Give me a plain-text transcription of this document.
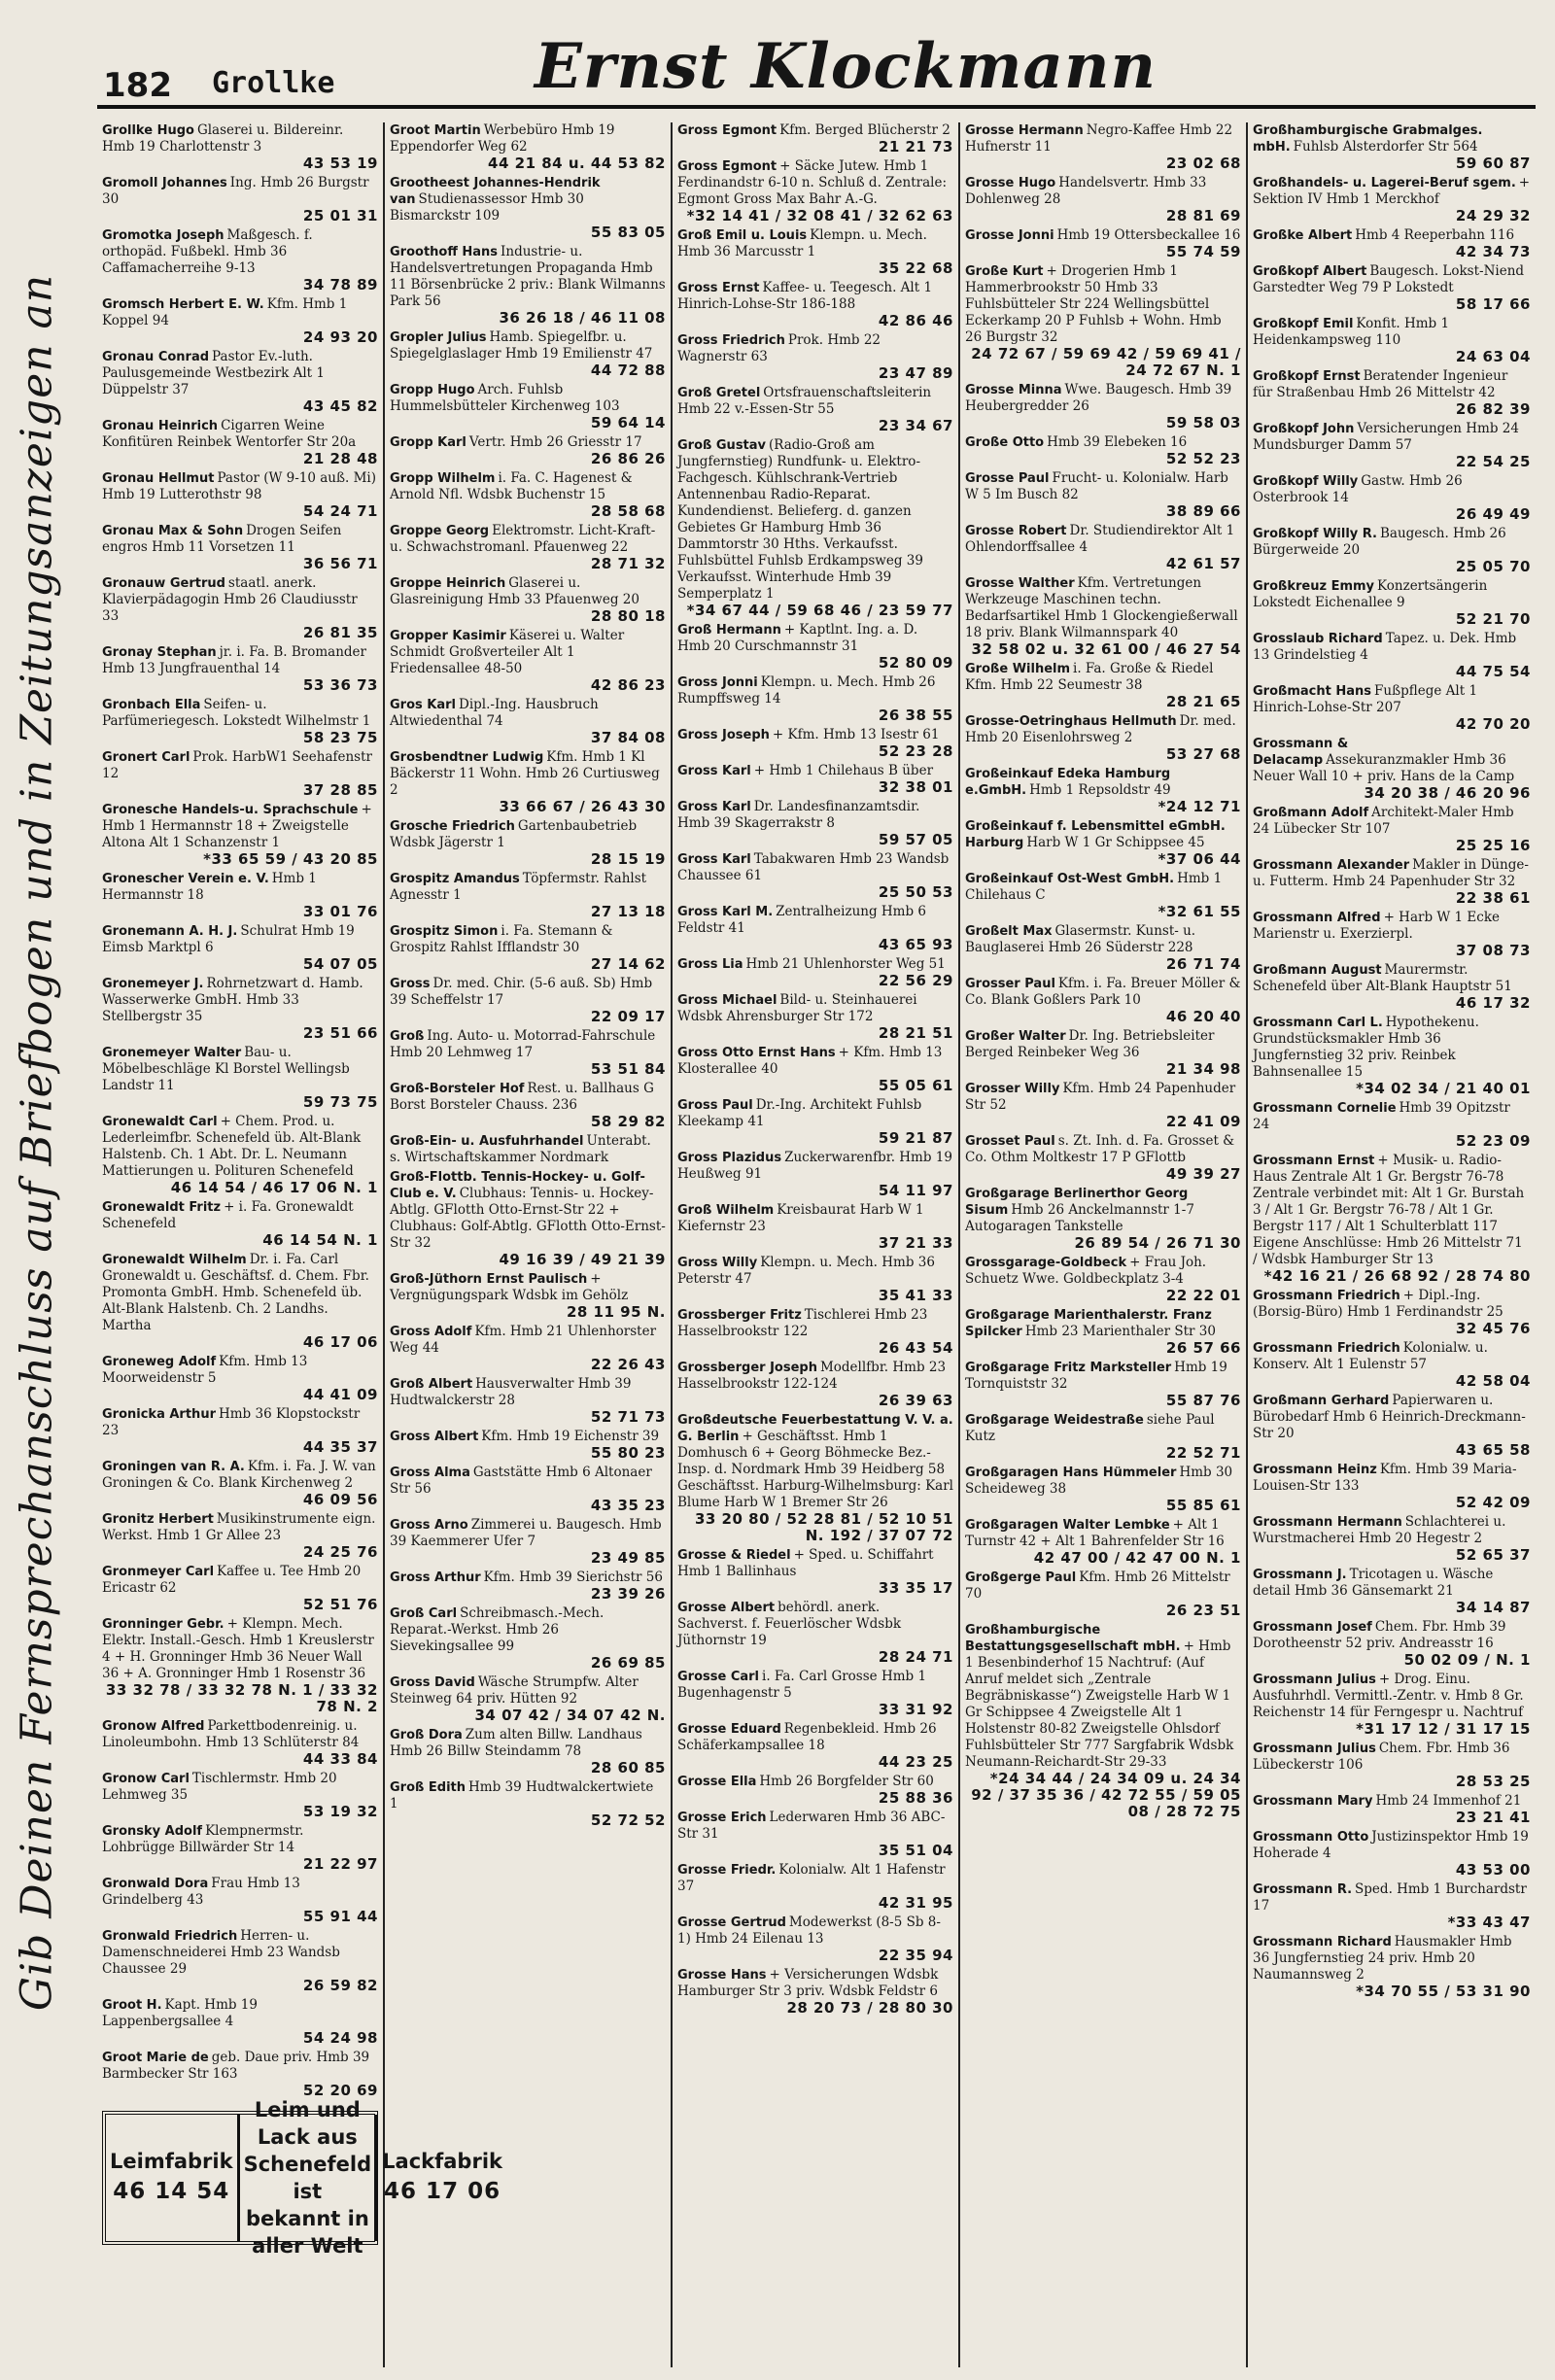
182 Grollke	Ernst Klockmann
Gib Deinen Fernsprechanschluss auf Briefbogen und in Zeitungsanzeigen an
Grollke Hugo Glaserei u. Bildereinr. Hmb 19 Charlottenstr 3
43 53 19
Gromoll Johannes Ing. Hmb 26 Burgstr 30
25 01 31
Gromotka Joseph Maßgesch. f. orthopäd. Fußbekl. Hmb 36 Caffamacherreihe 9-13
34 78 89
Gromsch Herbert E. W. Kfm. Hmb 1 Koppel 94
24 93 20
Gronau Conrad Pastor Ev.-luth. Paulusgemeinde Westbezirk Alt 1 Düppelstr 37
43 45 82
Gronau Heinrich Cigarren Weine Konfitüren Reinbek Wentorfer Str 20a
21 28 48
Gronau Hellmut Pastor (W 9-10 auß. Mi) Hmb 19 Lutterothstr 98
54 24 71
Gronau Max & Sohn Drogen Seifen engros Hmb 11 Vorsetzen 11
36 56 71
Gronauw Gertrud staatl. anerk. Klavierpädagogin Hmb 26 Claudiusstr 33
26 81 35
Gronay Stephan jr. i. Fa. B. Bromander Hmb 13 Jungfrauenthal 14
53 36 73
Gronbach Ella Seifen- u. Parfümeriegesch. Lokstedt Wilhelmstr 1
58 23 75
Gronert Carl Prok. HarbW1 Seehafenstr 12
37 28 85
Gronesche Handels-u. Sprachschule + Hmb 1 Hermannstr 18 + Zweigstelle Altona Alt 1 Schanzenstr 1
*33 65 59 / 43 20 85
Gronescher Verein e. V. Hmb 1 Hermannstr 18
33 01 76
Gronemann A. H. J. Schulrat Hmb 19 Eimsb Marktpl 6
54 07 05
Gronemeyer J. Rohrnetzwart d. Hamb. Wasserwerke GmbH. Hmb 33 Stellbergstr 35
23 51 66
Gronemeyer Walter Bau- u. Möbelbeschläge Kl Borstel Wellingsb Landstr 11
59 73 75
Gronewaldt Carl + Chem. Prod. u. Lederleimfbr. Schenefeld üb. Alt-Blank Halstenb. Ch. 1 Abt. Dr. L. Neumann Mattierungen u. Polituren Schenefeld
46 14 54 / 46 17 06 N. 1
Gronewaldt Fritz + i. Fa. Gronewaldt Schenefeld
46 14 54 N. 1
Gronewaldt Wilhelm Dr. i. Fa. Carl Gronewaldt u. Geschäftsf. d. Chem. Fbr. Promonta GmbH. Hmb. Schenefeld üb. Alt-Blank Halstenb. Ch. 2 Landhs. Martha
46 17 06
Groneweg Adolf Kfm. Hmb 13 Moorweidenstr 5
44 41 09
Gronicka Arthur Hmb 36 Klopstockstr 23
44 35 37
Groningen van R. A. Kfm. i. Fa. J. W. van Groningen & Co. Blank Kirchenweg 2
46 09 56
Gronitz Herbert Musikinstrumente eign. Werkst. Hmb 1 Gr Allee 23
24 25 76
Gronmeyer Carl Kaffee u. Tee Hmb 20 Ericastr 62
52 51 76
Gronninger Gebr. + Klempn. Mech. Elektr. Install.-Gesch. Hmb 1 Kreuslerstr 4 + H. Gronninger Hmb 36 Neuer Wall 36 + A. Gronninger Hmb 1 Rosenstr 36
33 32 78 / 33 32 78 N. 1 / 33 32 78 N. 2
Gronow Alfred Parkettbodenreinig. u. Linoleumbohn. Hmb 13 Schlüterstr 84
44 33 84
Gronow Carl Tischlermstr. Hmb 20 Lehmweg 35
53 19 32
Gronsky Adolf Klempnermstr. Lohbrügge Billwärder Str 14
21 22 97
Gronwald Dora Frau Hmb 13 Grindelberg 43
55 91 44
Gronwald Friedrich Herren- u. Damenschneiderei Hmb 23 Wandsb Chaussee 29
26 59 82
Groot H. Kapt. Hmb 19 Lappenbergsallee 4
54 24 98
Groot Marie de geb. Daue priv. Hmb 39 Barmbecker Str 163
52 20 69
Leimfabrik
46 14 54
Leim und Lack aus Schenefeld
ist bekannt in aller Welt
Lackfabrik
46 17 06
Groot Martin Werbebüro Hmb 19 Eppendorfer Weg 62
44 21 84 u. 44 53 82
Grootheest Johannes-Hendrik van Studienassessor Hmb 30 Bismarckstr 109
55 83 05
Groothoff Hans Industrie- u. Handelsvertretungen Propaganda Hmb 11 Börsenbrücke 2 priv.: Blank Wilmanns Park 56
36 26 18 / 46 11 08
Gropler Julius Hamb. Spiegelfbr. u. Spiegelglaslager Hmb 19 Emilienstr 47
44 72 88
Gropp Hugo Arch. Fuhlsb Hummelsbütteler Kirchenweg 103
59 64 14
Gropp Karl Vertr. Hmb 26 Griesstr 17
26 86 26
Gropp Wilhelm i. Fa. C. Hagenest & Arnold Nfl. Wdsbk Buchenstr 15
28 58 68
Groppe Georg Elektromstr. Licht-Kraft- u. Schwachstromanl. Pfauenweg 22
28 71 32
Groppe Heinrich Glaserei u. Glasreinigung Hmb 33 Pfauenweg 20
28 80 18
Gropper Kasimir Käserei u. Walter Schmidt Großverteiler Alt 1 Friedensallee 48-50
42 86 23
Gros Karl Dipl.-Ing. Hausbruch Altwiedenthal 74
37 84 08
Grosbendtner Ludwig Kfm. Hmb 1 Kl Bäckerstr 11 Wohn. Hmb 26 Curtiusweg 2
33 66 67 / 26 43 30
Grosche Friedrich Gartenbaubetrieb Wdsbk Jägerstr 1
28 15 19
Grospitz Amandus Töpfermstr. Rahlst Agnesstr 1
27 13 18
Grospitz Simon i. Fa. Stemann & Grospitz Rahlst Ifflandstr 30
27 14 62
Gross Dr. med. Chir. (5-6 auß. Sb) Hmb 39 Scheffelstr 17
22 09 17
Groß Ing. Auto- u. Motorrad-Fahrschule Hmb 20 Lehmweg 17
53 51 84
Groß-Borsteler Hof Rest. u. Ballhaus G Borst Borsteler Chauss. 236
58 29 82
Groß-Ein- u. Ausfuhrhandel Unterabt. s. Wirtschaftskammer Nordmark
Groß-Flottb. Tennis-Hockey- u. Golf-Club e. V. Clubhaus: Tennis- u. Hockey-Abtlg. GFlotth Otto-Ernst-Str 22 + Clubhaus: Golf-Abtlg. GFlotth Otto-Ernst-Str 32
49 16 39 / 49 21 39
Groß-Jüthorn Ernst Paulisch + Vergnügungspark Wdsbk im Gehölz
28 11 95 N.
Gross Adolf Kfm. Hmb 21 Uhlenhorster Weg 44
22 26 43
Groß Albert Hausverwalter Hmb 39 Hudtwalckerstr 28
52 71 73
Gross Albert Kfm. Hmb 19 Eichenstr 39
55 80 23
Gross Alma Gaststätte Hmb 6 Altonaer Str 56
43 35 23
Gross Arno Zimmerei u. Baugesch. Hmb 39 Kaemmerer Ufer 7
23 49 85
Gross Arthur Kfm. Hmb 39 Sierichstr 56
23 39 26
Groß Carl Schreibmasch.-Mech. Reparat.-Werkst. Hmb 26 Sievekingsallee 99
26 69 85
Gross David Wäsche Strumpfw. Alter Steinweg 64 priv. Hütten 92
34 07 42 / 34 07 42 N.
Groß Dora Zum alten Billw. Landhaus Hmb 26 Billw Steindamm 78
28 60 85
Groß Edith Hmb 39 Hudtwalckertwiete 1
52 72 52
Gross Egmont Kfm. Berged Blücherstr 2
21 21 73
Gross Egmont + Säcke Jutew. Hmb 1 Ferdinandstr 6-10 n. Schluß d. Zentrale: Egmont Gross Max Bahr A.-G.
*32 14 41 / 32 08 41 / 32 62 63
Groß Emil u. Louis Klempn. u. Mech. Hmb 36 Marcusstr 1
35 22 68
Gross Ernst Kaffee- u. Teegesch. Alt 1 Hinrich-Lohse-Str 186-188
42 86 46
Gross Friedrich Prok. Hmb 22 Wagnerstr 63
23 47 89
Groß Gretel Ortsfrauenschaftsleiterin Hmb 22 v.-Essen-Str 55
23 34 67
Groß Gustav (Radio-Groß am Jungfernstieg) Rundfunk- u. Elektro-Fachgesch. Kühlschrank-Vertrieb Antennenbau Radio-Reparat. Kundendienst. Belieferg. d. ganzen Gebietes Gr Hamburg Hmb 36 Dammtorstr 30 Hths. Verkaufsst. Fuhlsbüttel Fuhlsb Erdkampsweg 39 Verkaufsst. Winterhude Hmb 39 Semperplatz 1
*34 67 44 / 59 68 46 / 23 59 77
Groß Hermann + Kaptlnt. Ing. a. D. Hmb 20 Curschmannstr 31
52 80 09
Gross Jonni Klempn. u. Mech. Hmb 26 Rumpffsweg 14
26 38 55
Gross Joseph + Kfm. Hmb 13 Isestr 61
52 23 28
Gross Karl + Hmb 1 Chilehaus B über
32 38 01
Gross Karl Dr. Landesfinanzamtsdir. Hmb 39 Skagerrakstr 8
59 57 05
Gross Karl Tabakwaren Hmb 23 Wandsb Chaussee 61
25 50 53
Gross Karl M. Zentralheizung Hmb 6 Feldstr 41
43 65 93
Gross Lia Hmb 21 Uhlenhorster Weg 51
22 56 29
Gross Michael Bild- u. Steinhauerei Wdsbk Ahrensburger Str 172
28 21 51
Gross Otto Ernst Hans + Kfm. Hmb 13 Klosterallee 40
55 05 61
Gross Paul Dr.-Ing. Architekt Fuhlsb Kleekamp 41
59 21 87
Gross Plazidus Zuckerwarenfbr. Hmb 19 Heußweg 91
54 11 97
Groß Wilhelm Kreisbaurat Harb W 1 Kiefernstr 23
37 21 33
Gross Willy Klempn. u. Mech. Hmb 36 Peterstr 47
35 41 33
Grossberger Fritz Tischlerei Hmb 23 Hasselbrookstr 122
26 43 54
Grossberger Joseph Modellfbr. Hmb 23 Hasselbrookstr 122-124
26 39 63
Großdeutsche Feuerbestattung V. V. a. G. Berlin + Geschäftsst. Hmb 1 Domhusch 6 + Georg Böhmecke Bez.-Insp. d. Nordmark Hmb 39 Heidberg 58 Geschäftsst. Harburg-Wilhelmsburg: Karl Blume Harb W 1 Bremer Str 26
33 20 80 / 52 28 81 / 52 10 51 N. 192 / 37 07 72
Grosse & Riedel + Sped. u. Schiffahrt Hmb 1 Ballinhaus
33 35 17
Grosse Albert behördl. anerk. Sachverst. f. Feuerlöscher Wdsbk Jüthornstr 19
28 24 71
Grosse Carl i. Fa. Carl Grosse Hmb 1 Bugenhagenstr 5
33 31 92
Grosse Eduard Regenbekleid. Hmb 26 Schäferkampsallee 18
44 23 25
Grosse Ella Hmb 26 Borgfelder Str 60
25 88 36
Grosse Erich Lederwaren Hmb 36 ABC-Str 31
35 51 04
Grosse Friedr. Kolonialw. Alt 1 Hafenstr 37
42 31 95
Grosse Gertrud Modewerkst (8-5 Sb 8-1) Hmb 24 Eilenau 13
22 35 94
Grosse Hans + Versicherungen Wdsbk Hamburger Str 3 priv. Wdsbk Feldstr 6
28 20 73 / 28 80 30
Grosse Hermann Negro-Kaffee Hmb 22 Hufnerstr 11
23 02 68
Grosse Hugo Handelsvertr. Hmb 33 Dohlenweg 28
28 81 69
Grosse Jonni Hmb 19 Ottersbeckallee 16
55 74 59
Große Kurt + Drogerien Hmb 1 Hammerbrookstr 50 Hmb 33 Fuhlsbütteler Str 224 Wellingsbüttel Eckerkamp 20 P Fuhlsb + Wohn. Hmb 26 Burgstr 32
24 72 67 / 59 69 42 / 59 69 41 / 24 72 67 N. 1
Grosse Minna Wwe. Baugesch. Hmb 39 Heubergredder 26
59 58 03
Große Otto Hmb 39 Elebeken 16
52 52 23
Grosse Paul Frucht- u. Kolonialw. Harb W 5 Im Busch 82
38 89 66
Grosse Robert Dr. Studiendirektor Alt 1 Ohlendorffsallee 4
42 61 57
Grosse Walther Kfm. Vertretungen Werkzeuge Maschinen techn. Bedarfsartikel Hmb 1 Glockengießerwall 18 priv. Blank Wilmannspark 40
32 58 02 u. 32 61 00 / 46 27 54
Große Wilhelm i. Fa. Große & Riedel Kfm. Hmb 22 Seumestr 38
28 21 65
Grosse-Oetringhaus Hellmuth Dr. med. Hmb 20 Eisenlohrsweg 2
53 27 68
Großeinkauf Edeka Hamburg e.GmbH. Hmb 1 Repsoldstr 49
*24 12 71
Großeinkauf f. Lebensmittel eGmbH. Harburg Harb W 1 Gr Schippsee 45
*37 06 44
Großeinkauf Ost-West GmbH. Hmb 1 Chilehaus C
*32 61 55
Großelt Max Glasermstr. Kunst- u. Bauglaserei Hmb 26 Süderstr 228
26 71 74
Grosser Paul Kfm. i. Fa. Breuer Möller & Co. Blank Goßlers Park 10
46 20 40
Großer Walter Dr. Ing. Betriebsleiter Berged Reinbeker Weg 36
21 34 98
Grosser Willy Kfm. Hmb 24 Papenhuder Str 52
22 41 09
Grosset Paul s. Zt. Inh. d. Fa. Grosset & Co. Othm Moltkestr 17 P GFlottb
49 39 27
Großgarage Berlinerthor Georg Sisum Hmb 26 Anckelmannstr 1-7 Autogaragen Tankstelle
26 89 54 / 26 71 30
Grossgarage-Goldbeck + Frau Joh. Schuetz Wwe. Goldbeckplatz 3-4
22 22 01
Großgarage Marienthalerstr. Franz Spilcker Hmb 23 Marienthaler Str 30
26 57 66
Großgarage Fritz Marksteller Hmb 19 Tornquiststr 32
55 87 76
Großgarage Weidestraße siehe Paul Kutz
22 52 71
Großgaragen Hans Hümmeler Hmb 30 Scheideweg 38
55 85 61
Großgaragen Walter Lembke + Alt 1 Turnstr 42 + Alt 1 Bahrenfelder Str 16
42 47 00 / 42 47 00 N. 1
Großgerge Paul Kfm. Hmb 26 Mittelstr 70
26 23 51
Großhamburgische Bestattungsgesellschaft mbH. + Hmb 1 Besenbinderhof 15 Nachtruf: (Auf Anruf meldet sich „Zentrale Begräbniskasse“) Zweigstelle Harb W 1 Gr Schippsee 4 Zweigstelle Alt 1 Holstenstr 80-82 Zweigstelle Ohlsdorf Fuhlsbütteler Str 777 Sargfabrik Wdsbk Neumann-Reichardt-Str 29-33
*24 34 44 / 24 34 09 u. 24 34 92 / 37 35 36 / 42 72 55 / 59 05 08 / 28 72 75
Großhamburgische Grabmalges. mbH. Fuhlsb Alsterdorfer Str 564
59 60 87
Großhandels- u. Lagerei-Beruf sgem. + Sektion IV Hmb 1 Merckhof
24 29 32
Großke Albert Hmb 4 Reeperbahn 116
42 34 73
Großkopf Albert Baugesch. Lokst-Niend Garstedter Weg 79 P Lokstedt
58 17 66
Großkopf Emil Konfit. Hmb 1 Heidenkampsweg 110
24 63 04
Großkopf Ernst Beratender Ingenieur für Straßenbau Hmb 26 Mittelstr 42
26 82 39
Großkopf John Versicherungen Hmb 24 Mundsburger Damm 57
22 54 25
Großkopf Willy Gastw. Hmb 26 Osterbrook 14
26 49 49
Großkopf Willy R. Baugesch. Hmb 26 Bürgerweide 20
25 05 70
Großkreuz Emmy Konzertsängerin Lokstedt Eichenallee 9
52 21 70
Grosslaub Richard Tapez. u. Dek. Hmb 13 Grindelstieg 4
44 75 54
Großmacht Hans Fußpflege Alt 1 Hinrich-Lohse-Str 207
42 70 20
Grossmann & Delacamp Assekuranzmakler Hmb 36 Neuer Wall 10 + priv. Hans de la Camp
34 20 38 / 46 20 96
Großmann Adolf Architekt-Maler Hmb 24 Lübecker Str 107
25 25 16
Grossmann Alexander Makler in Dünge- u. Futterm. Hmb 24 Papenhuder Str 32
22 38 61
Grossmann Alfred + Harb W 1 Ecke Marienstr u. Exerzierpl.
37 08 73
Großmann August Maurermstr. Schenefeld über Alt-Blank Hauptstr 51
46 17 32
Grossmann Carl L. Hypothekenu. Grundstücksmakler Hmb 36 Jungfernstieg 32 priv. Reinbek Bahnsenallee 15
*34 02 34 / 21 40 01
Grossmann Cornelie Hmb 39 Opitzstr 24
52 23 09
Grossmann Ernst + Musik- u. Radio-Haus Zentrale Alt 1 Gr. Bergstr 76-78 Zentrale verbindet mit: Alt 1 Gr. Burstah 3 / Alt 1 Gr. Bergstr 76-78 / Alt 1 Gr. Bergstr 117 / Alt 1 Schulterblatt 117 Eigene Anschlüsse: Hmb 26 Mittelstr 71 / Wdsbk Hamburger Str 13
*42 16 21 / 26 68 92 / 28 74 80
Grossmann Friedrich + Dipl.-Ing. (Borsig-Büro) Hmb 1 Ferdinandstr 25
32 45 76
Grossmann Friedrich Kolonialw. u. Konserv. Alt 1 Eulenstr 57
42 58 04
Großmann Gerhard Papierwaren u. Bürobedarf Hmb 6 Heinrich-Dreckmann-Str 20
43 65 58
Grossmann Heinz Kfm. Hmb 39 Maria-Louisen-Str 133
52 42 09
Grossmann Hermann Schlachterei u. Wurstmacherei Hmb 20 Hegestr 2
52 65 37
Grossmann J. Tricotagen u. Wäsche detail Hmb 36 Gänsemarkt 21
34 14 87
Grossmann Josef Chem. Fbr. Hmb 39 Dorotheenstr 52 priv. Andreasstr 16
50 02 09 / N. 1
Grossmann Julius + Drog. Einu. Ausfuhrhdl. Vermittl.-Zentr. v. Hmb 8 Gr. Reichenstr 14 für Ferngespr u. Nachtruf
*31 17 12 / 31 17 15
Grossmann Julius Chem. Fbr. Hmb 36 Lübeckerstr 106
28 53 25
Grossmann Mary Hmb 24 Immenhof 21
23 21 41
Grossmann Otto Justizinspektor Hmb 19 Hoherade 4
43 53 00
Grossmann R. Sped. Hmb 1 Burchardstr 17
*33 43 47
Grossmann Richard Hausmakler Hmb 36 Jungfernstieg 24 priv. Hmb 20 Naumannsweg 2
*34 70 55 / 53 31 90
